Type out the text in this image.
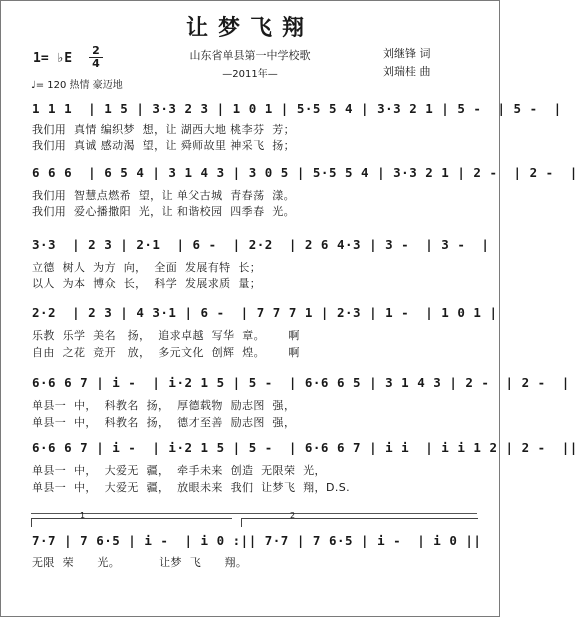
让梦飞翔
山东省单县第一中学校歌
—2011年—
刘继锋 词
刘瑞桂 曲
1= ♭E
2
4
♩= 120 热情 豪迈地
1 1 1  | 1 5 | 3·3 2 3 | 1 0 1 | 5·5 5 4 | 3·3 2 1 | 5 -  | 5 -  |
我们用  真情 编织梦  想，让 湖西大地 桃李芬  芳；
我们用  真诚 感动渴  望，让 舜师故里 神采飞  扬；
6 6 6  | 6 5 4 | 3 1 4 3 | 3 0 5 | 5·5 5 4 | 3·3 2 1 | 2 -  | 2 -  |
我们用  智慧点燃希  望，让 单父古城  青春荡  漾。
我们用  爱心播撒阳  光，让 和谐校园  四季春  光。
3·3  | 2 3 | 2·1  | 6 -  | 2·2  | 2 6 4·3 | 3 -  | 3 -  |
立德  树人  为方  向，  全面  发展有特  长；
以人  为本  博众  长，  科学  发展求质  量；
2·2  | 2 3 | 4 3·1 | 6 -  | 7 7 7 1 | 2·3 | 1 -  | 1 0 1 |
乐教  乐学  美名   扬，  追求卓越  写华  章。      啊
自由  之花  竞开   放，  多元文化  创辉  煌。      啊
6·6 6 7 | i -  | i·2 1 5 | 5 -  | 6·6 6 5 | 3 1 4 3 | 2 -  | 2 -  |
单县一  中，  科教名  扬，  厚德载物  励志图  强，
单县一  中，  科教名  扬，  德才至善  励志图  强，
6·6 6 7 | i -  | i·2 1 5 | 5 -  | 6·6 6 7 | i i  | i i 1 2 | 2 -  ||
单县一  中，  大爱无  疆，  牵手未来  创造  无限荣  光，
单县一  中，  大爱无  疆，  放眼未来  我们  让梦飞  翔，D.S.
1	2
7·7 | 7 6·5 | i -  | i 0 :|| 7·7 | 7 6·5 | i -  | i 0 ||
无限  荣      光。          让梦  飞      翔。
